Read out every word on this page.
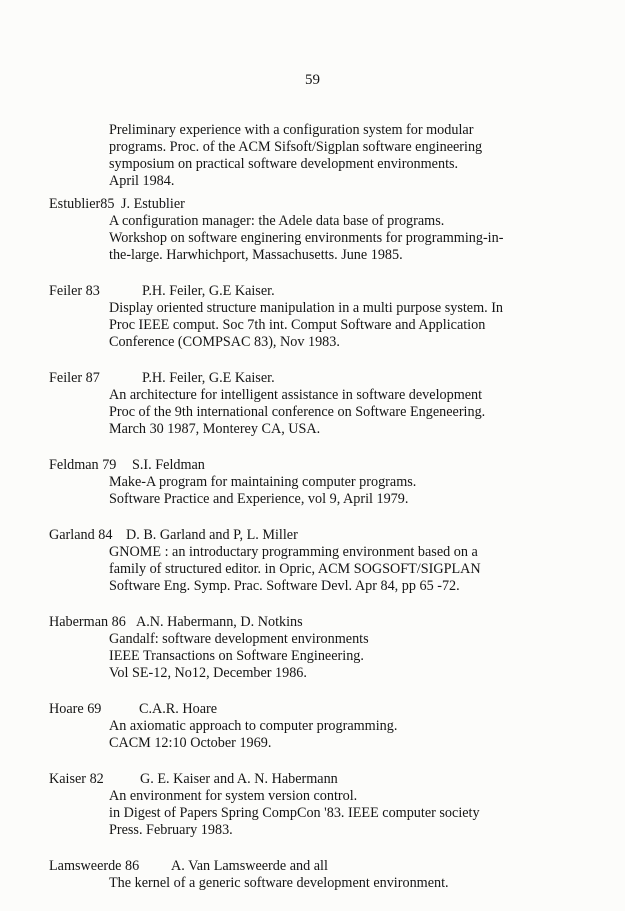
59
Preliminary experience with a configuration system for modular
programs. Proc. of the ACM Sifsoft/Sigplan software engineering
symposium on practical software development environments.
April 1984.
Estublier85 J. Estublier
A configuration manager: the Adele data base of programs.
Workshop on software enginering environments for programming-in-
the-large. Harwhichport, Massachusetts. June 1985.
Feiler 83	P.H. Feiler, G.E Kaiser.
Display oriented structure manipulation in a multi purpose system. In
Proc IEEE comput. Soc 7th int. Comput Software and Application
Conference (COMPSAC 83), Nov 1983.
Feiler 87	P.H. Feiler, G.E Kaiser.
An architecture for intelligent assistance in software development
Proc of the 9th international conference on Software Engeneering.
March 30 1987, Monterey CA, USA.
Feldman 79 S.I. Feldman
Make-A program for maintaining computer programs.
Software Practice and Experience, vol 9, April 1979.
Garland 84 D. B. Garland and P, L. Miller
GNOME : an introductary programming environment based on a
family of structured editor. in Opric, ACM SOGSOFT/SIGPLAN
Software Eng. Symp. Prac. Software Devl. Apr 84, pp 65 -72.
Haberman 86 A.N. Habermann, D. Notkins
Gandalf: software development environments
IEEE Transactions on Software Engineering.
Vol SE-12, No12, December 1986.
Hoare 69	C.A.R. Hoare
An axiomatic approach to computer programming.
CACM 12:10 October 1969.
Kaiser 82	G. E. Kaiser and A. N. Habermann
An environment for system version control.
in Digest of Papers Spring CompCon '83. IEEE computer society
Press. February 1983.
Lamsweerde 86 A. Van Lamsweerde and all
The kernel of a generic software development environment.
